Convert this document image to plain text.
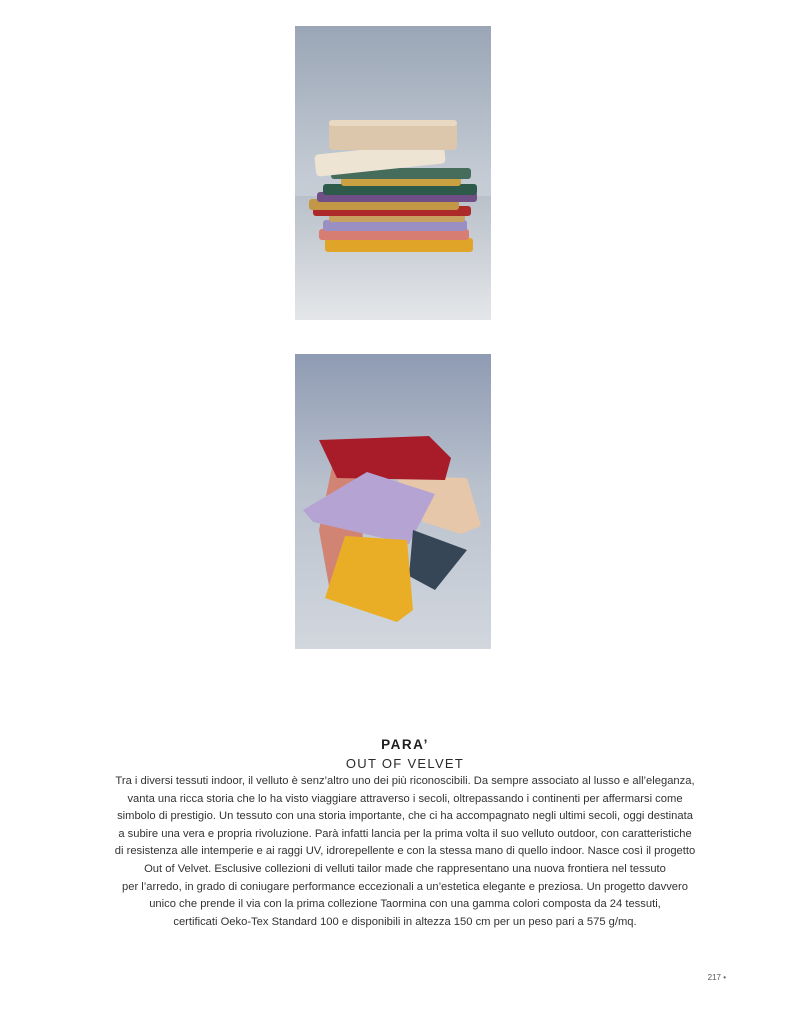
PARA’
OUT OF VELVET
Tra i diversi tessuti indoor, il velluto è senz’altro uno dei più riconoscibili. Da sempre associato al lusso e all’eleganza,
vanta una ricca storia che lo ha visto viaggiare attraverso i secoli, oltrepassando i continenti per affermarsi come
simbolo di prestigio. Un tessuto con una storia importante, che ci ha accompagnato negli ultimi secoli, oggi destinata
a subire una vera e propria rivoluzione. Parà infatti lancia per la prima volta il suo velluto outdoor, con caratteristiche
di resistenza alle intemperie e ai raggi UV, idrorepellente e con la stessa mano di quello indoor. Nasce così il progetto
Out of Velvet. Esclusive collezioni di velluti tailor made che rappresentano una nuova frontiera nel tessuto
per l’arredo, in grado di coniugare performance eccezionali a un’estetica elegante e preziosa. Un progetto davvero
unico che prende il via con la prima collezione Taormina con una gamma colori composta da 24 tessuti,
certificati Oeko-Tex Standard 100 e disponibili in altezza 150 cm per un peso pari a 575 g/mq.
217 •
